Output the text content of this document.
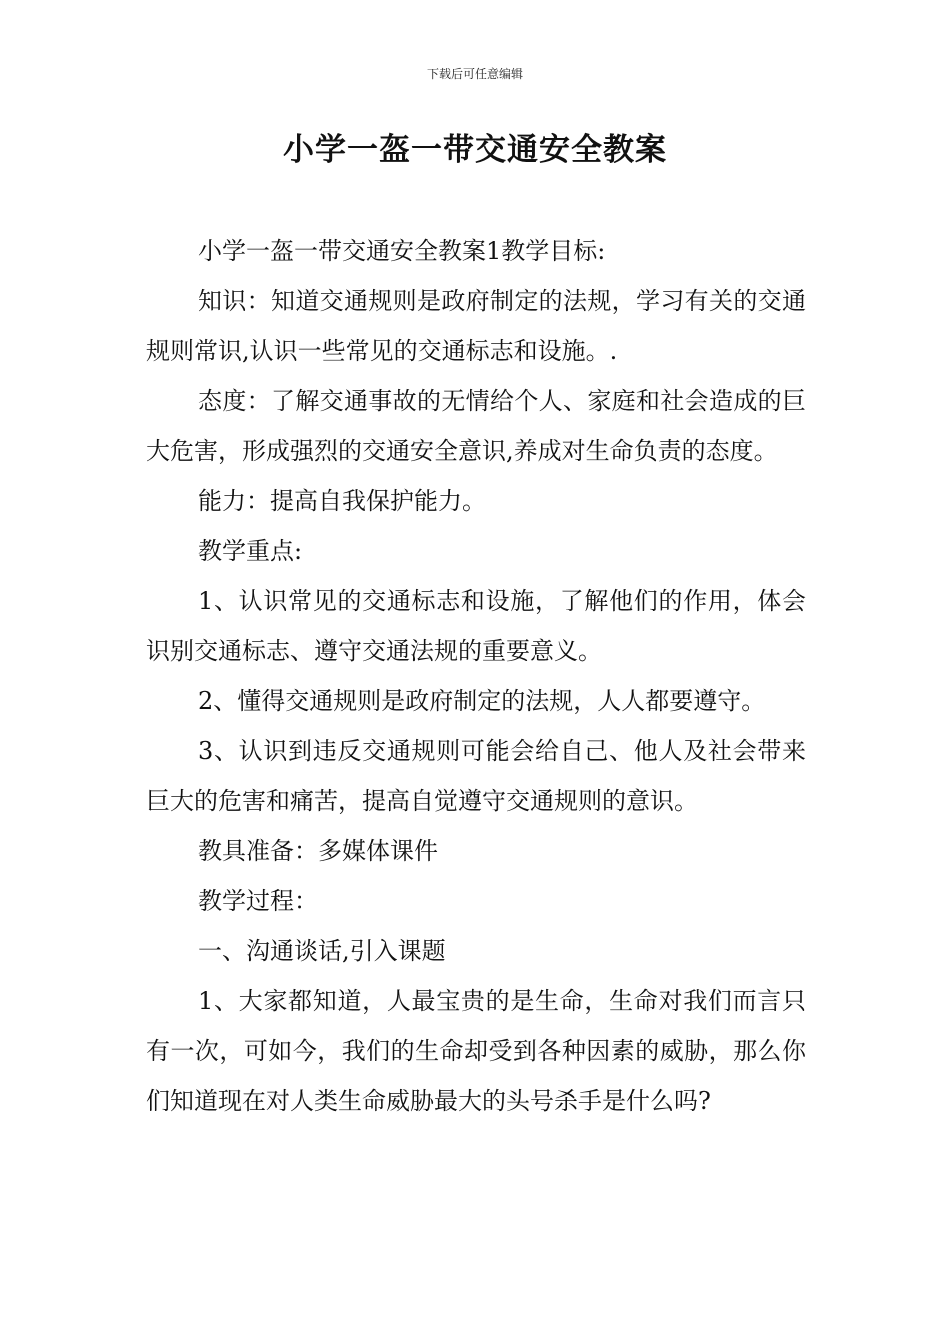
下载后可任意编辑
小学一盔一带交通安全教案

小学一盔一带交通安全教案1教学目标:

知识：知道交通规则是政府制定的法规，学习有关的交通规则常识,认识一些常见的交通标志和设施。.

态度：了解交通事故的无情给个人、家庭和社会造成的巨大危害，形成强烈的交通安全意识,养成对生命负责的态度。

能力：提高自我保护能力。

教学重点:

1、认识常见的交通标志和设施，了解他们的作用，体会识别交通标志、遵守交通法规的重要意义。

2、懂得交通规则是政府制定的法规，人人都要遵守。

3、认识到违反交通规则可能会给自己、他人及社会带来巨大的危害和痛苦，提高自觉遵守交通规则的意识。

教具准备：多媒体课件

教学过程：

一、沟通谈话,引入课题

1、大家都知道，人最宝贵的是生命，生命对我们而言只有一次，可如今，我们的生命却受到各种因素的威胁，那么你们知道现在对人类生命威胁最大的头号杀手是什么吗?
